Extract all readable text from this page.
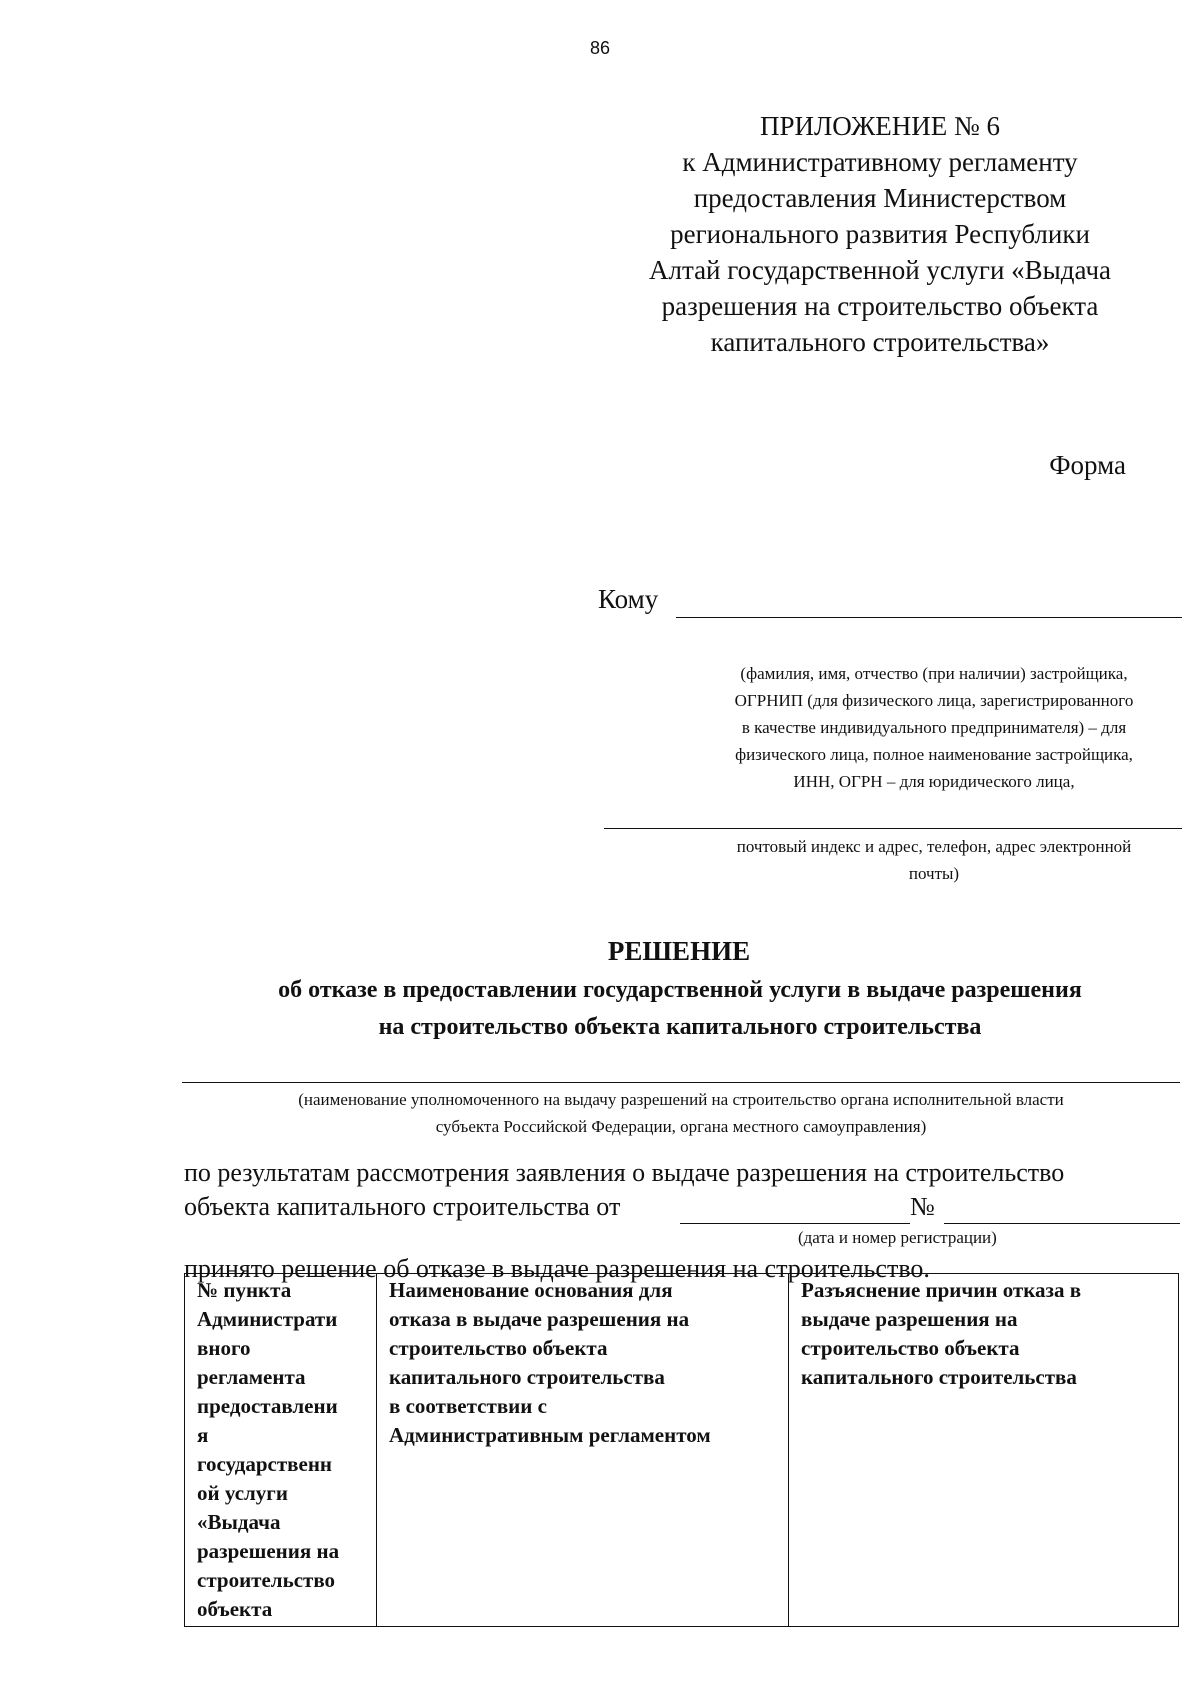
86
ПРИЛОЖЕНИЕ № 6
к Административному регламенту
предоставления Министерством
регионального развития Республики
Алтай государственной услуги «Выдача
разрешения на строительство объекта
капитального строительства»
Форма
Кому
(фамилия, имя, отчество (при наличии) застройщика,
ОГРНИП (для физического лица, зарегистрированного
в качестве индивидуального предпринимателя) – для
физического лица, полное наименование застройщика,
ИНН, ОГРН – для юридического лица,
почтовый индекс и адрес, телефон, адрес электронной
почты)
РЕШЕНИЕ
об отказе в предоставлении государственной услуги в выдаче разрешения
на строительство объекта капитального строительства
(наименование уполномоченного на выдачу разрешений на строительство органа исполнительной власти
субъекта Российской Федерации, органа местного самоуправления)
по результатам рассмотрения заявления о выдаче разрешения на строительство
объекта капитального строительства от	№
(дата и номер регистрации)
принято решение об отказе в выдаче разрешения на строительство.
№ пункта
Администрати
вного
регламента
предоставлени
я
государственн
ой услуги
«Выдача
разрешения на
строительство
объекта

Наименование основания для
отказа в выдаче разрешения на
строительство объекта
капитального строительства
в соответствии с
Административным регламентом

Разъяснение причин отказа в
выдаче разрешения на
строительство объекта
капитального строительства
